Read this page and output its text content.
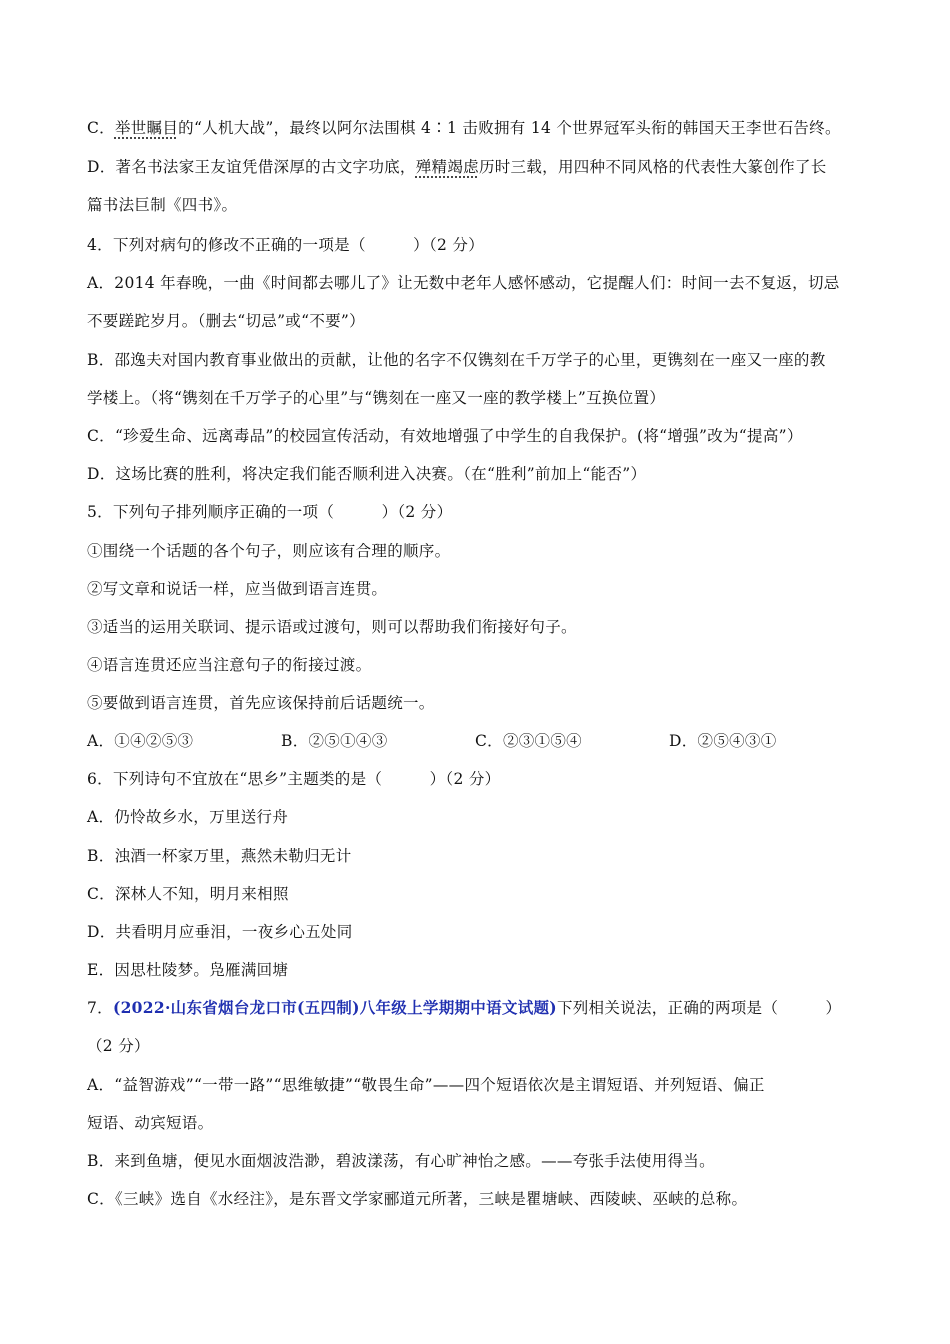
C．举世瞩目的“人机大战”，最终以阿尔法围棋 4∶1 击败拥有 14 个世界冠军头衔的韩国天王李世石告终。
D．著名书法家王友谊凭借深厚的古文字功底，殚精竭虑历时三载，用四种不同风格的代表性大篆创作了长
篇书法巨制《四书》。
4．下列对病句的修改不正确的一项是（　　　）（2 分）
A．2014 年春晚，一曲《时间都去哪儿了》让无数中老年人感怀感动，它提醒人们：时间一去不复返，切忌
不要蹉跎岁月。（删去“切忌”或“不要”）
B．邵逸夫对国内教育事业做出的贡献，让他的名字不仅镌刻在千万学子的心里，更镌刻在一座又一座的教
学楼上。（将“镌刻在千万学子的心里”与“镌刻在一座又一座的教学楼上”互换位置）
C．“珍爱生命、远离毒品”的校园宣传活动，有效地增强了中学生的自我保护。(将“增强”改为“提高”）
D．这场比赛的胜利，将决定我们能否顺利进入决赛。（在“胜利”前加上“能否”）
5．下列句子排列顺序正确的一项（　　　）（2 分）
①围绕一个话题的各个句子，则应该有合理的顺序。
②写文章和说话一样，应当做到语言连贯。
③适当的运用关联词、提示语或过渡句，则可以帮助我们衔接好句子。
④语言连贯还应当注意句子的衔接过渡。
⑤要做到语言连贯，首先应该保持前后话题统一。
A．①④②⑤③	B．②⑤①④③	C．②③①⑤④	D．②⑤④③①
6．下列诗句不宜放在“思乡”主题类的是（　　　）（2 分）
A．仍怜故乡水，万里送行舟
B．浊酒一杯家万里，燕然未勒归无计
C．深林人不知，明月来相照
D．共看明月应垂泪，一夜乡心五处同
E．因思杜陵梦。凫雁满回塘
7．(2022·山东省烟台龙口市(五四制)八年级上学期期中语文试题)下列相关说法，正确的两项是（　　　）
（2 分）
A．“益智游戏”“一带一路”“思维敏捷”“敬畏生命”——四个短语依次是主谓短语、并列短语、偏正
短语、动宾短语。
B．来到鱼塘，便见水面烟波浩渺，碧波漾荡，有心旷神怡之感。——夸张手法使用得当。
C．《三峡》选自《水经注》，是东晋文学家郦道元所著，三峡是瞿塘峡、西陵峡、巫峡的总称。
